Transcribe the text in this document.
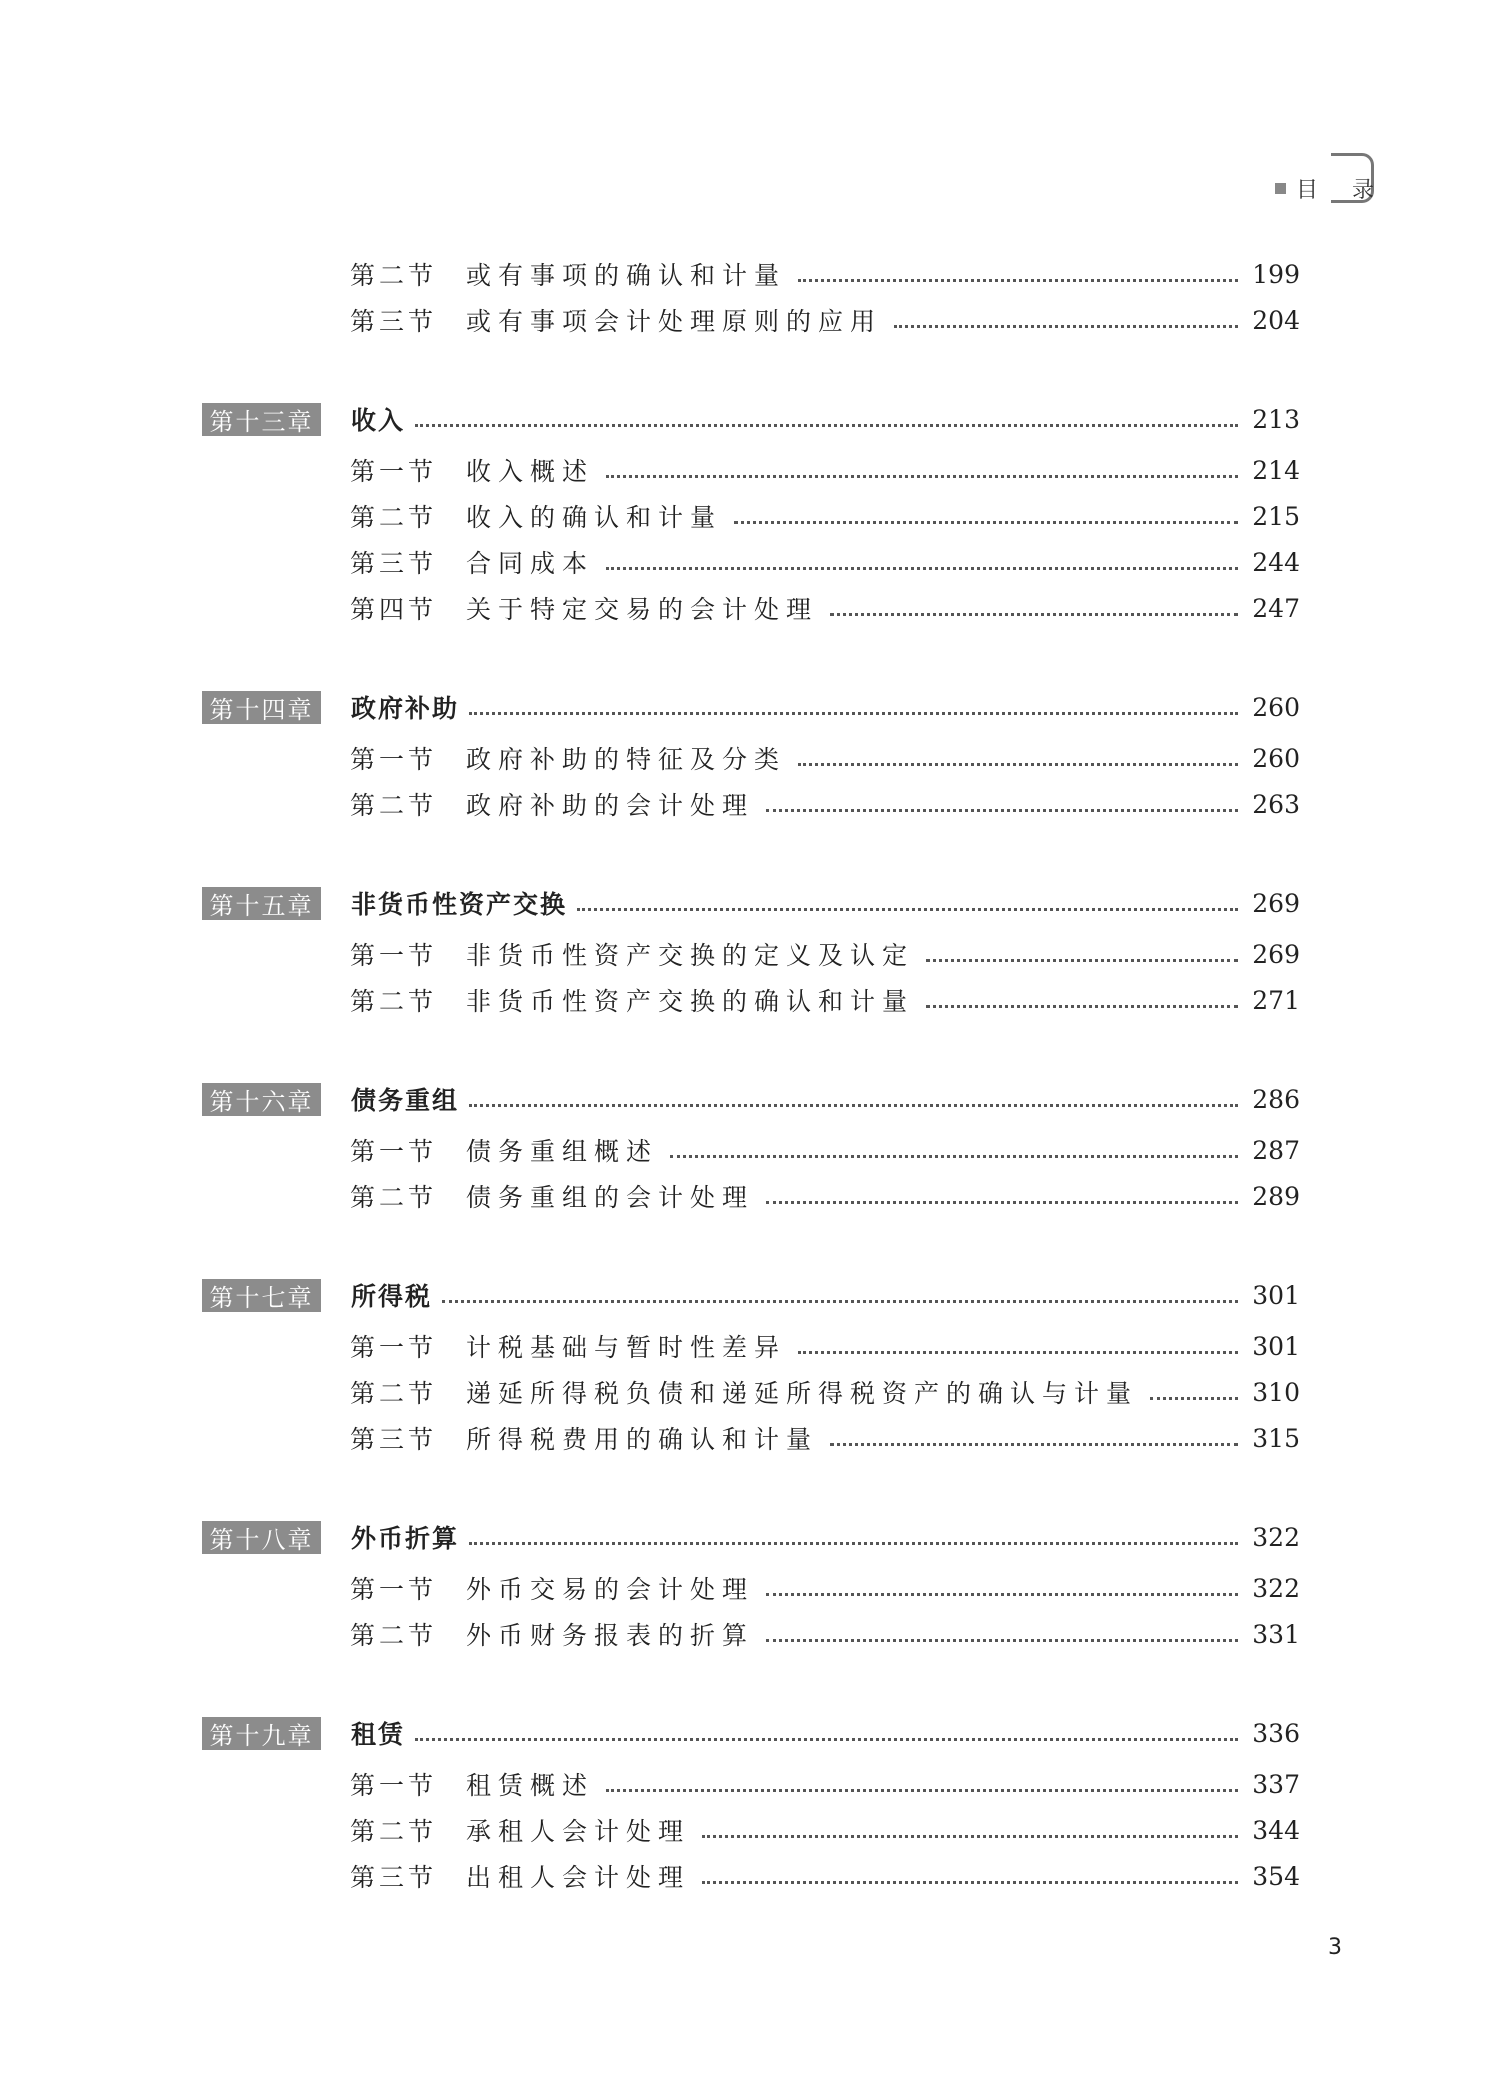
目 录
第二节	或有事项的确认和计量	199
第三节	或有事项会计处理原则的应用	204
第十三章	收入	213
第一节	收入概述	214
第二节	收入的确认和计量	215
第三节	合同成本	244
第四节	关于特定交易的会计处理	247
第十四章	政府补助	260
第一节	政府补助的特征及分类	260
第二节	政府补助的会计处理	263
第十五章	非货币性资产交换	269
第一节	非货币性资产交换的定义及认定	269
第二节	非货币性资产交换的确认和计量	271
第十六章	债务重组	286
第一节	债务重组概述	287
第二节	债务重组的会计处理	289
第十七章	所得税	301
第一节	计税基础与暂时性差异	301
第二节	递延所得税负债和递延所得税资产的确认与计量	310
第三节	所得税费用的确认和计量	315
第十八章	外币折算	322
第一节	外币交易的会计处理	322
第二节	外币财务报表的折算	331
第十九章	租赁	336
第一节	租赁概述	337
第二节	承租人会计处理	344
第三节	出租人会计处理	354
3
